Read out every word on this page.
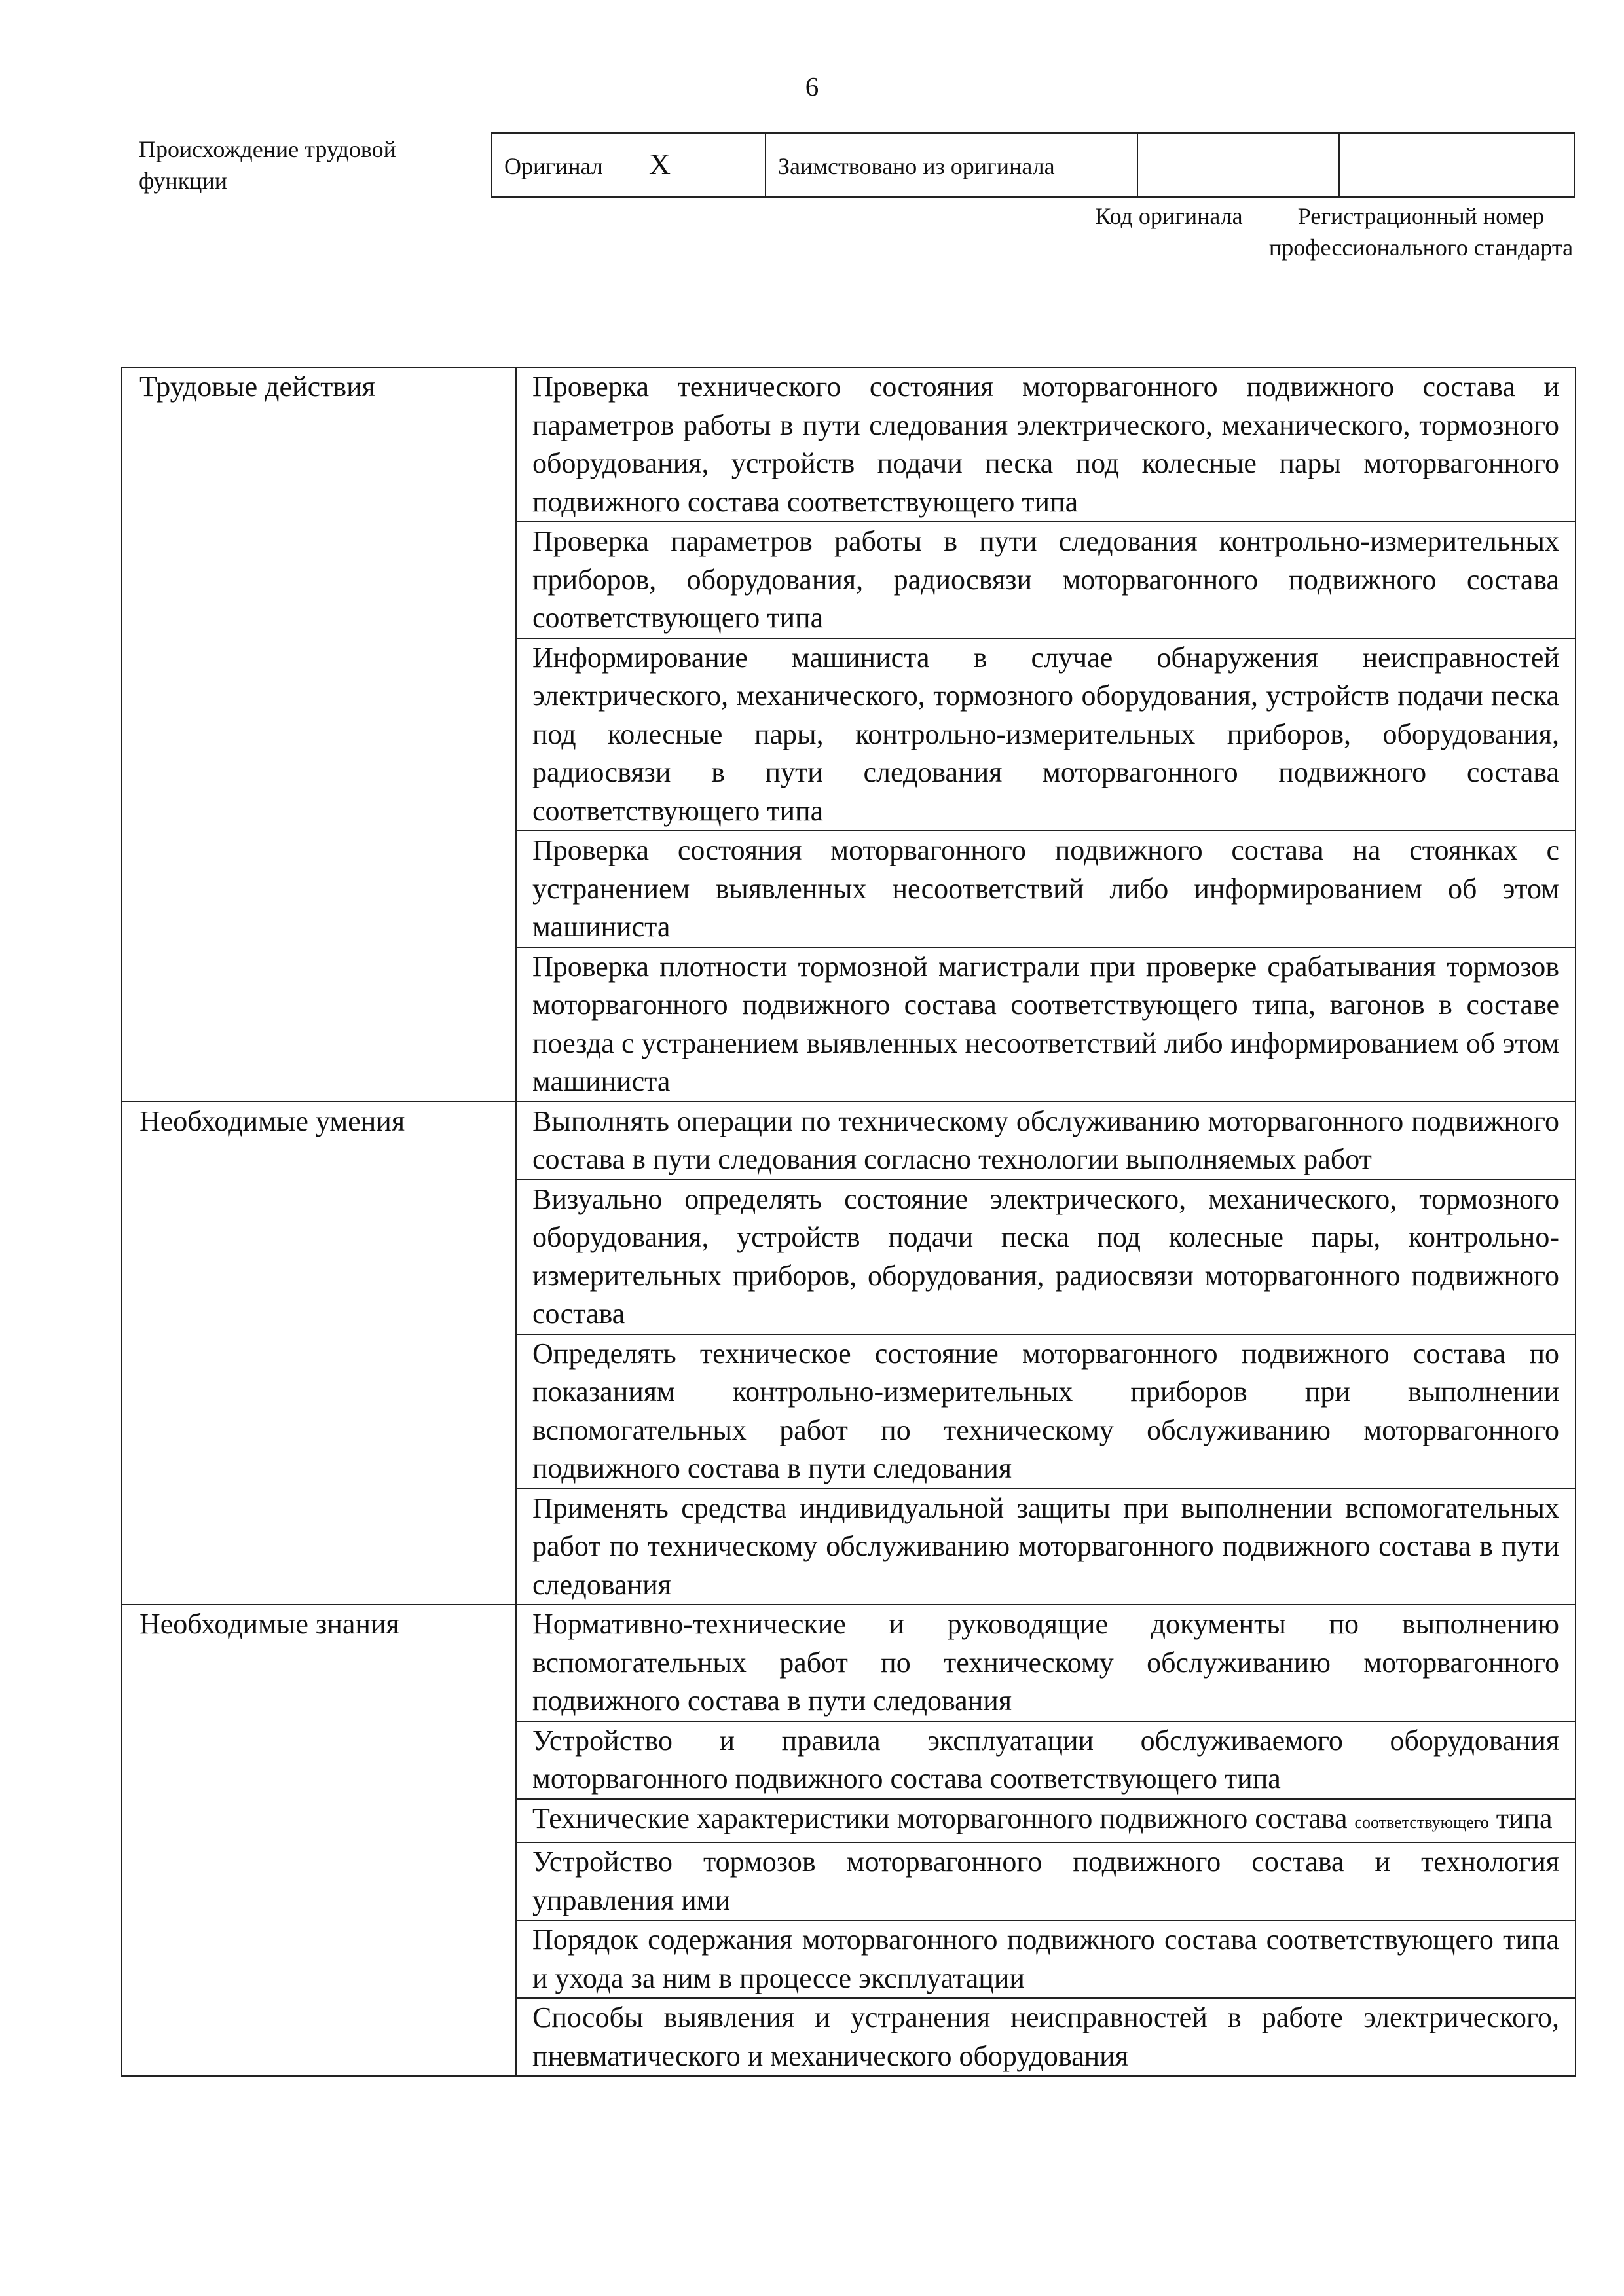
6
Происхождение трудовой функции
Оригинал X	Заимствовано из оригинала		
Код оригинала	Регистрационный номер профессионального стандарта
Трудовые действия	Проверка технического состояния моторвагонного подвижного состава и параметров работы в пути следования электрического, механического, тормозного оборудования, устройств подачи песка под колесные пары моторвагонного подвижного состава соответствующего типа
	Проверка параметров работы в пути следования контрольно-измерительных приборов, оборудования, радиосвязи моторвагонного подвижного состава соответствующего типа
	Информирование машиниста в случае обнаружения неисправностей электрического, механического, тормозного оборудования, устройств подачи песка под колесные пары, контрольно-измерительных приборов, оборудования, радиосвязи в пути следования моторвагонного подвижного состава соответствующего типа
	Проверка состояния моторвагонного подвижного состава на стоянках с устранением выявленных несоответствий либо информированием об этом машиниста
	Проверка плотности тормозной магистрали при проверке срабатывания тормозов моторвагонного подвижного состава соответствующего типа, вагонов в составе поезда с устранением выявленных несоответствий либо информированием об этом машиниста
Необходимые умения	Выполнять операции по техническому обслуживанию моторвагонного подвижного состава в пути следования согласно технологии выполняемых работ
	Визуально определять состояние электрического, механического, тормозного оборудования, устройств подачи песка под колесные пары, контрольно-измерительных приборов, оборудования, радиосвязи моторвагонного подвижного состава
	Определять техническое состояние моторвагонного подвижного состава по показаниям контрольно-измерительных приборов при выполнении вспомогательных работ по техническому обслуживанию моторвагонного подвижного состава в пути следования
	Применять средства индивидуальной защиты при выполнении вспомогательных работ по техническому обслуживанию моторвагонного подвижного состава в пути следования
Необходимые знания	Нормативно-технические и руководящие документы по выполнению вспомогательных работ по техническому обслуживанию моторвагонного подвижного состава в пути следования
	Устройство и правила эксплуатации обслуживаемого оборудования моторвагонного подвижного состава соответствующего типа
	Технические характеристики моторвагонного подвижного состава соответствующего типа
	Устройство тормозов моторвагонного подвижного состава и технология управления ими
	Порядок содержания моторвагонного подвижного состава соответствующего типа и ухода за ним в процессе эксплуатации
	Способы выявления и устранения неисправностей в работе электрического, пневматического и механического оборудования
